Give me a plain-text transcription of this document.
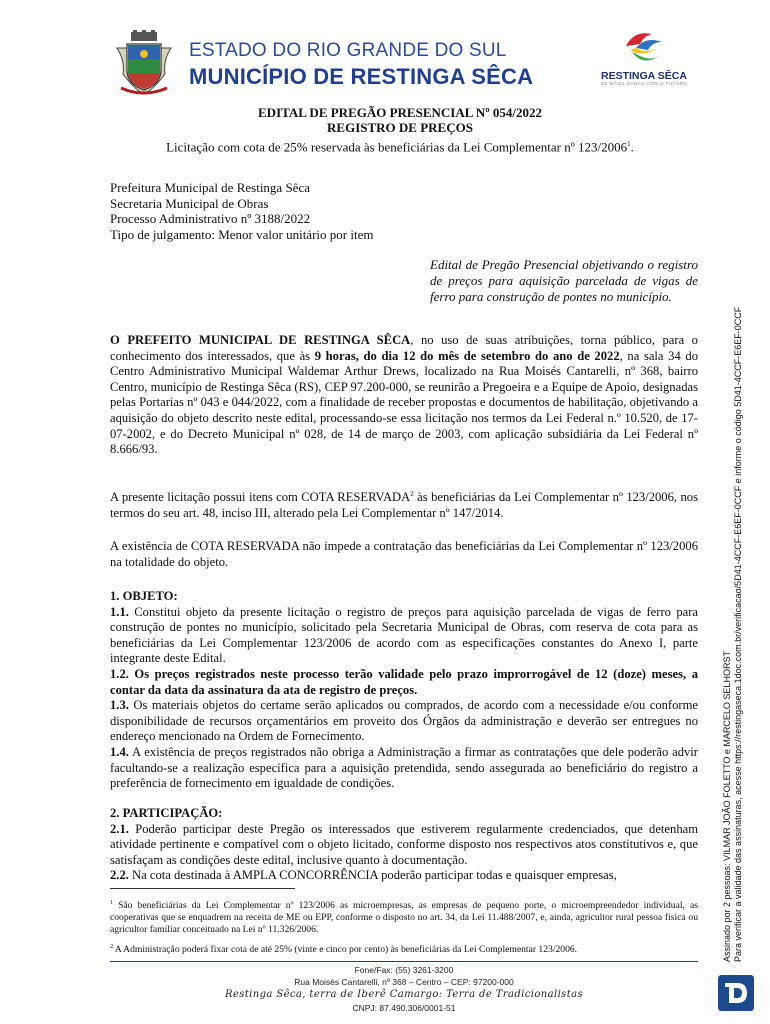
ESTADO DO RIO GRANDE DO SUL
MUNICÍPIO DE RESTINGA SÊCA	RESTINGA SÊCA
DE MÃOS DADAS COM O FUTURO
EDITAL DE PREGÃO PRESENCIAL Nº 054/2022
REGISTRO DE PREÇOS
Licitação com cota de 25% reservada às beneficiárias da Lei Complementar nº 123/2006$^1$.
Prefeitura Municipal de Restinga Sêca
Secretaria Municipal de Obras
Processo Administrativo nº 3188/2022
Tipo de julgamento: Menor valor unitário por item
Edital de Pregão Presencial objetivando o registro de preços para aquisição parcelada de vigas de ferro para construção de pontes no município.
O PREFEITO MUNICIPAL DE RESTINGA SÊCA, no uso de suas atribuições, torna público, para o conhecimento dos interessados, que às 9 horas, do dia 12 do mês de setembro do ano de 2022, na sala 34 do Centro Administrativo Municipal Waldemar Arthur Drews, localizado na Rua Moisés Cantarelli, nº 368, bairro Centro, município de Restinga Sêca (RS), CEP 97.200-000, se reunirão a Pregoeira e a Equipe de Apoio, designadas pelas Portarias nº 043 e 044/2022, com a finalidade de receber propostas e documentos de habilitação, objetivando a aquisição do objeto descrito neste edital, processando-se essa licitação nos termos da Lei Federal n.º 10.520, de 17-07-2002, e do Decreto Municipal nº 028, de 14 de março de 2003, com aplicação subsidiária da Lei Federal nº 8.666/93.
A presente licitação possui itens com COTA RESERVADA$^2$ às beneficiárias da Lei Complementar nº 123/2006, nos termos do seu art. 48, inciso III, alterado pela Lei Complementar nº 147/2014.
A existência de COTA RESERVADA não impede a contratação das beneficiárias da Lei Complementar nº 123/2006 na totalidade do objeto.
1. OBJETO:
1.1. Constitui objeto da presente licitação o registro de preços para aquisição parcelada de vigas de ferro para construção de pontes no município, solicitado pela Secretaria Municipal de Obras, com reserva de cota para as beneficiárias da Lei Complementar 123/2006 de acordo com as especificações constantes do Anexo I, parte integrante deste Edital.
1.2. Os preços registrados neste processo terão validade pelo prazo improrrogável de 12 (doze) meses, a contar da data da assinatura da ata de registro de preços.
1.3. Os materiais objetos do certame serão aplicados ou comprados, de acordo com a necessidade e/ou conforme disponibilidade de recursos orçamentários em proveito dos Órgãos da administração e deverão ser entregues no endereço mencionado na Ordem de Fornecimento.
1.4. A existência de preços registrados não obriga a Administração a firmar as contratações que dele poderão advir facultando-se a realização específica para a aquisição pretendida, sendo assegurada ao beneficiário do registro a preferência de fornecimento em igualdade de condições.
2. PARTICIPAÇÃO:
2.1. Poderão participar deste Pregão os interessados que estiverem regularmente credenciados, que detenham atividade pertinente e compatível com o objeto licitado, conforme disposto nos respectivos atos constitutivos e, que satisfaçam as condições deste edital, inclusive quanto à documentação.
2.2. Na cota destinada à AMPLA CONCORRÊNCIA poderão participar todas e quaisquer empresas,
$^1$ São beneficiárias da Lei Complementar nº 123/2006 as microempresas, as empresas de pequeno porte, o microempreendedor individual, as cooperativas que se enquadrem na receita de ME ou EPP, conforme o disposto no art. 34, da Lei 11.488/2007, e, ainda, agricultor rural pessoa física ou agricultor familiar conceituado na Lei nº 11.326/2006.
$^2$ A Administração poderá fixar cota de até 25% (vinte e cinco por cento) às beneficiárias da Lei Complementar 123/2006.
Fone/Fax: (55) 3261-3200
Rua Moisés Cantarelli, nº 368 – Centro – CEP: 97200-000
Restinga Sêca, terra de Iberê Camargo: Terra de Tradicionalistas
CNPJ: 87.490.306/0001-51
Assinado por 2 pessoas: VILMAR JOÃO FOLETTO e MARCELO SELHORST Para verificar a validade das assinaturas, acesse https://restingaseca.1doc.com.br/verificacao/5D41-4CCF-E6EF-0CCF e informe o código 5D41-4CCF-E6EF-0CCF
